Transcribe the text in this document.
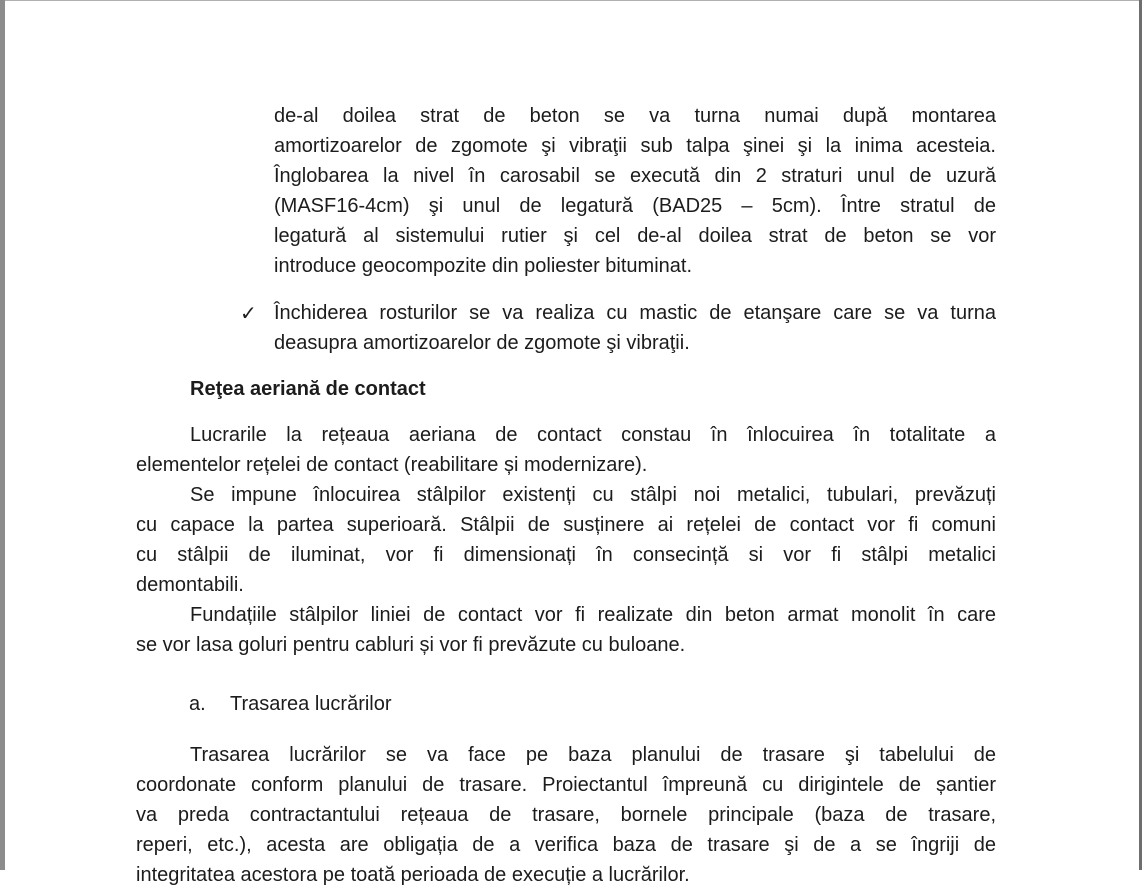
de-al doilea strat de beton se va turna numai după montarea
amortizoarelor de zgomote şi vibraţii sub talpa şinei şi la inima acesteia.
Înglobarea la nivel în carosabil se execută din 2 straturi unul de uzură
(MASF16-4cm) şi unul de legatură (BAD25 – 5cm). Între stratul de
legatură al sistemului rutier şi cel de-al doilea strat de beton se vor
introduce geocompozite din poliester bituminat.
✓ Închiderea rosturilor se va realiza cu mastic de etanşare care se va turna
deasupra amortizoarelor de zgomote şi vibraţii.
Reţea aeriană de contact
Lucrarile la rețeaua aeriana de contact constau în înlocuirea în totalitate a
elementelor rețelei de contact (reabilitare și modernizare).
Se impune înlocuirea stâlpilor existenți cu stâlpi noi metalici, tubulari, prevăzuți
cu capace la partea superioară. Stâlpii de susținere ai rețelei de contact vor fi comuni
cu stâlpii de iluminat, vor fi dimensionați în consecință si vor fi stâlpi metalici
demontabili.
Fundațiile stâlpilor liniei de contact vor fi realizate din beton armat monolit în care
se vor lasa goluri pentru cabluri și vor fi prevăzute cu buloane.
a. Trasarea lucrărilor
Trasarea lucrărilor se va face pe baza planului de trasare şi tabelului de
coordonate conform planului de trasare. Proiectantul împreună cu dirigintele de șantier
va preda contractantului rețeaua de trasare, bornele principale (baza de trasare,
reperi, etc.), acesta are obligația de a verifica baza de trasare şi de a se îngriji de
integritatea acestora pe toată perioada de execuție a lucrărilor.
